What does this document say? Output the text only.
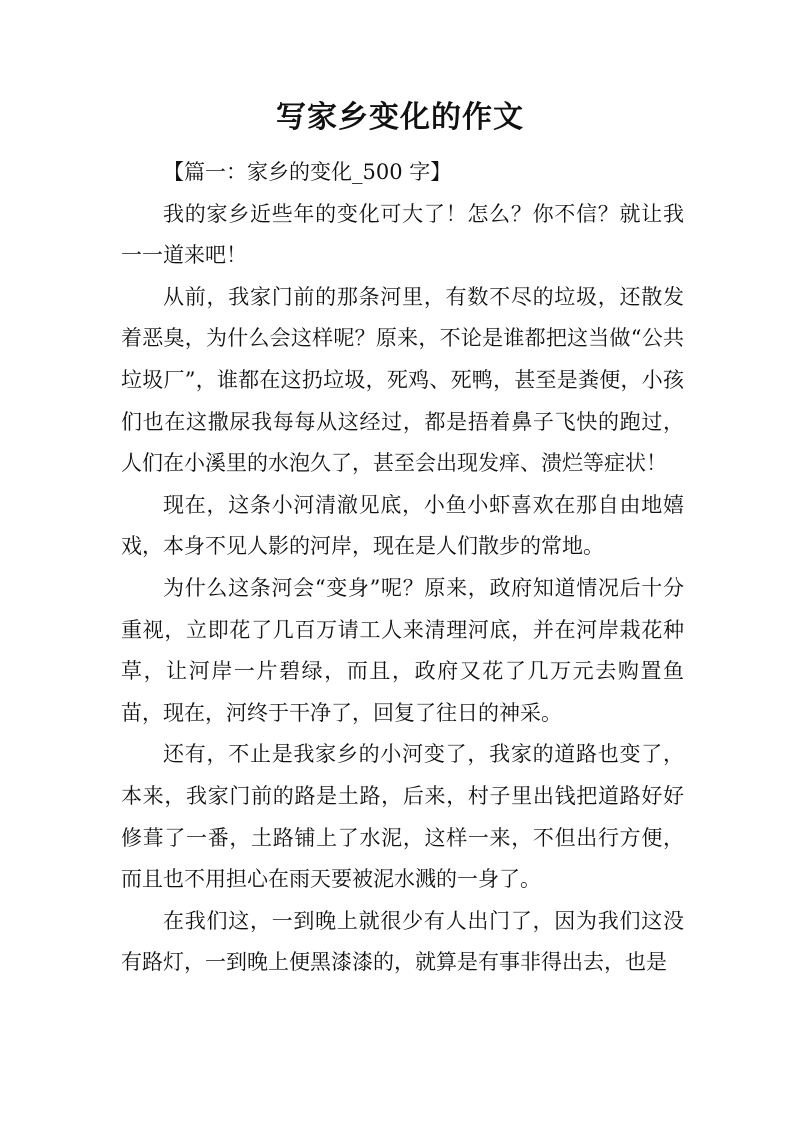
写家乡变化的作文

【篇一：家乡的变化_500 字】

我的家乡近些年的变化可大了！怎么？你不信？就让我一一道来吧！

从前，我家门前的那条河里，有数不尽的垃圾，还散发着恶臭，为什么会这样呢？原来，不论是谁都把这当做“公共垃圾厂”，谁都在这扔垃圾，死鸡、死鸭，甚至是粪便，小孩们也在这撒尿我每每从这经过，都是捂着鼻子飞快的跑过，人们在小溪里的水泡久了，甚至会出现发痒、溃烂等症状！

现在，这条小河清澈见底，小鱼小虾喜欢在那自由地嬉戏，本身不见人影的河岸，现在是人们散步的常地。

为什么这条河会“变身”呢？原来，政府知道情况后十分重视，立即花了几百万请工人来清理河底，并在河岸栽花种草，让河岸一片碧绿，而且，政府又花了几万元去购置鱼苗，现在，河终于干净了，回复了往日的神采。

还有，不止是我家乡的小河变了，我家的道路也变了，本来，我家门前的路是土路，后来，村子里出钱把道路好好修葺了一番，土路铺上了水泥，这样一来，不但出行方便，而且也不用担心在雨天要被泥水溅的一身了。

在我们这，一到晚上就很少有人出门了，因为我们这没有路灯，一到晚上便黑漆漆的，就算是有事非得出去，也是
